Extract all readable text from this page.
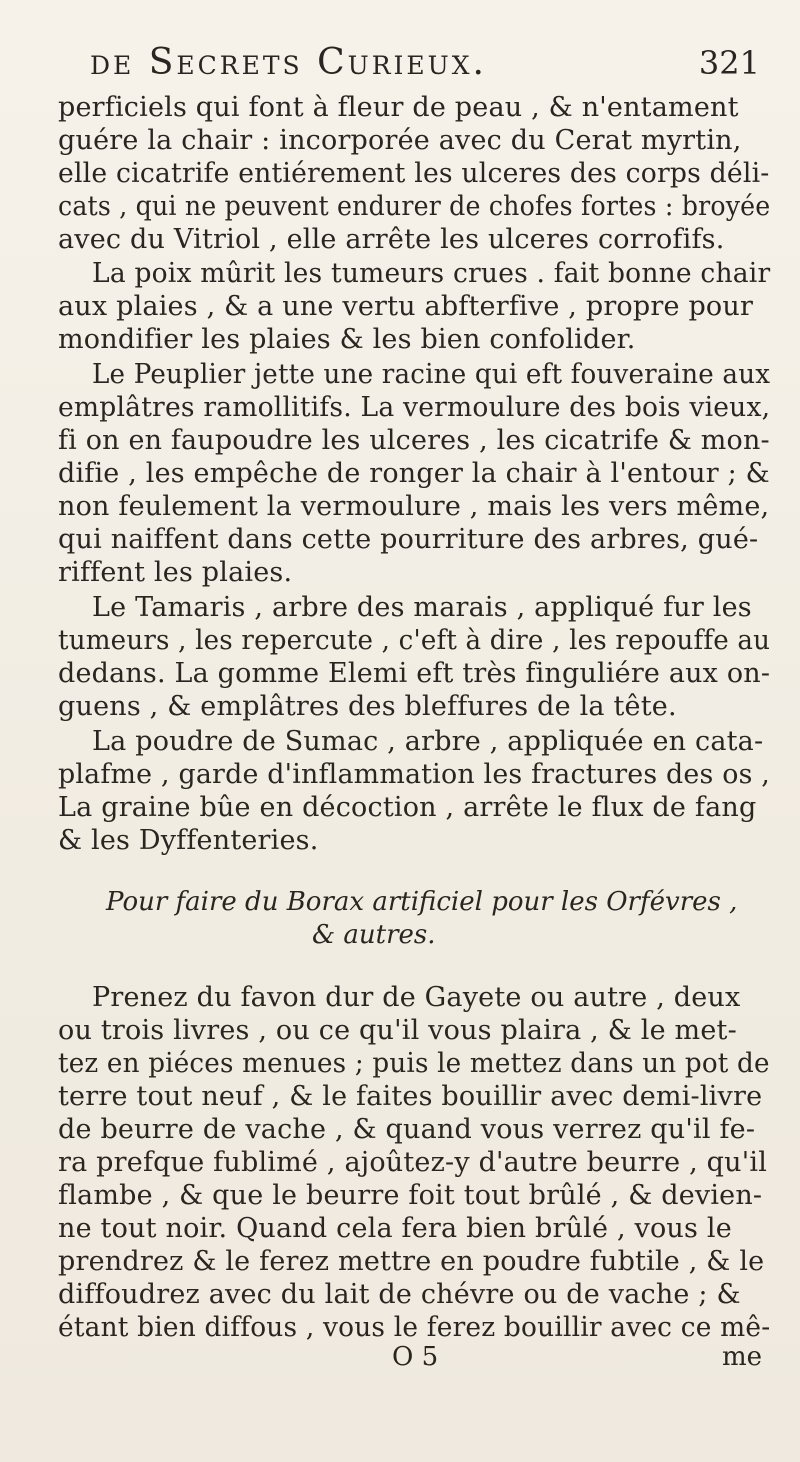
de Secrets Curieux.	321
perficiels qui font à fleur de peau , & n'entament
guére la chair : incorporée avec du Cerat myrtin,
elle cicatrife entiérement les ulceres des corps déli-
cats , qui ne peuvent endurer de chofes fortes : broyée
avec du Vitriol , elle arrête les ulceres corrofifs.
La poix mûrit les tumeurs crues . fait bonne chair
aux plaies , & a une vertu abfterfive , propre pour
mondifier les plaies & les bien confolider.
Le Peuplier jette une racine qui eft fouveraine aux
emplâtres ramollitifs. La vermoulure des bois vieux,
fi on en faupoudre les ulceres , les cicatrife & mon-
difie , les empêche de ronger la chair à l'entour ; &
non feulement la vermoulure , mais les vers même,
qui naiffent dans cette pourriture des arbres, gué-
riffent les plaies.
Le Tamaris , arbre des marais , appliqué fur les
tumeurs , les repercute , c'eft à dire , les repouffe au
dedans. La gomme Elemi eft très finguliére aux on-
guens , & emplâtres des bleffures de la tête.
La poudre de Sumac , arbre , appliquée en cata-
plafme , garde d'inflammation les fractures des os ,
La graine bûe en décoction , arrête le flux de fang
& les Dyffenteries.
Pour faire du Borax artificiel pour les Orfévres ,
& autres.
Prenez du favon dur de Gayete ou autre , deux
ou trois livres , ou ce qu'il vous plaira , & le met-
tez en piéces menues ; puis le mettez dans un pot de
terre tout neuf , & le faites bouillir avec demi-livre
de beurre de vache , & quand vous verrez qu'il fe-
ra prefque fublimé , ajoûtez-y d'autre beurre , qu'il
flambe , & que le beurre foit tout brûlé , & devien-
ne tout noir. Quand cela fera bien brûlé , vous le
prendrez & le ferez mettre en poudre fubtile , & le
diffoudrez avec du lait de chévre ou de vache ; &
étant bien diffous , vous le ferez bouillir avec ce mê-
O 5	me
